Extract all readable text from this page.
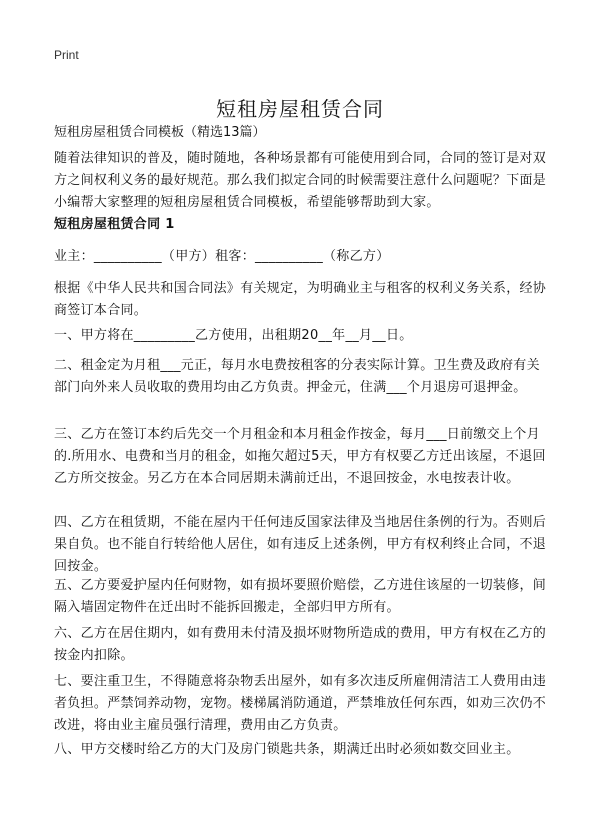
Print
短租房屋租赁合同
短租房屋租赁合同模板（精选13篇）

随着法律知识的普及，随时随地，各种场景都有可能使用到合同，合同的签订是对双方之间权利义务的最好规范。那么我们拟定合同的时候需要注意什么问题呢？下面是小编帮大家整理的短租房屋租赁合同模板，希望能够帮助到大家。

短租房屋租赁合同 1

业主：__________（甲方）租客：__________（称乙方）

根据《中华人民共和国合同法》有关规定，为明确业主与租客的权利义务关系，经协商签订本合同。

一、甲方将在_________乙方使用，出租期20__年__月__日。

二、租金定为月租___元正，每月水电费按租客的分表实际计算。卫生费及政府有关部门向外来人员收取的费用均由乙方负责。押金元，住满___个月退房可退押金。

三、乙方在签订本约后先交一个月租金和本月租金作按金，每月___日前缴交上个月的.所用水、电费和当月的租金，如拖欠超过5天，甲方有权要乙方迁出该屋，不退回乙方所交按金。另乙方在本合同居期未满前迁出，不退回按金，水电按表计收。

四、乙方在租赁期，不能在屋内干任何违反国家法律及当地居住条例的行为。否则后果自负。也不能自行转给他人居住，如有违反上述条例，甲方有权利终止合同，不退回按金。

五、乙方要爱护屋内任何财物，如有损坏要照价赔偿，乙方进住该屋的一切装修，间隔入墙固定物件在迁出时不能拆回搬走，全部归甲方所有。

六、乙方在居住期内，如有费用未付清及损坏财物所造成的费用，甲方有权在乙方的按金内扣除。

七、要注重卫生，不得随意将杂物丢出屋外，如有多次违反所雇佣清洁工人费用由违者负担。严禁饲养动物，宠物。楼梯属消防通道，严禁堆放任何东西，如劝三次仍不改进，将由业主雇员强行清理，费用由乙方负责。

八、甲方交楼时给乙方的大门及房门锁匙共条，期满迁出时必须如数交回业主。
